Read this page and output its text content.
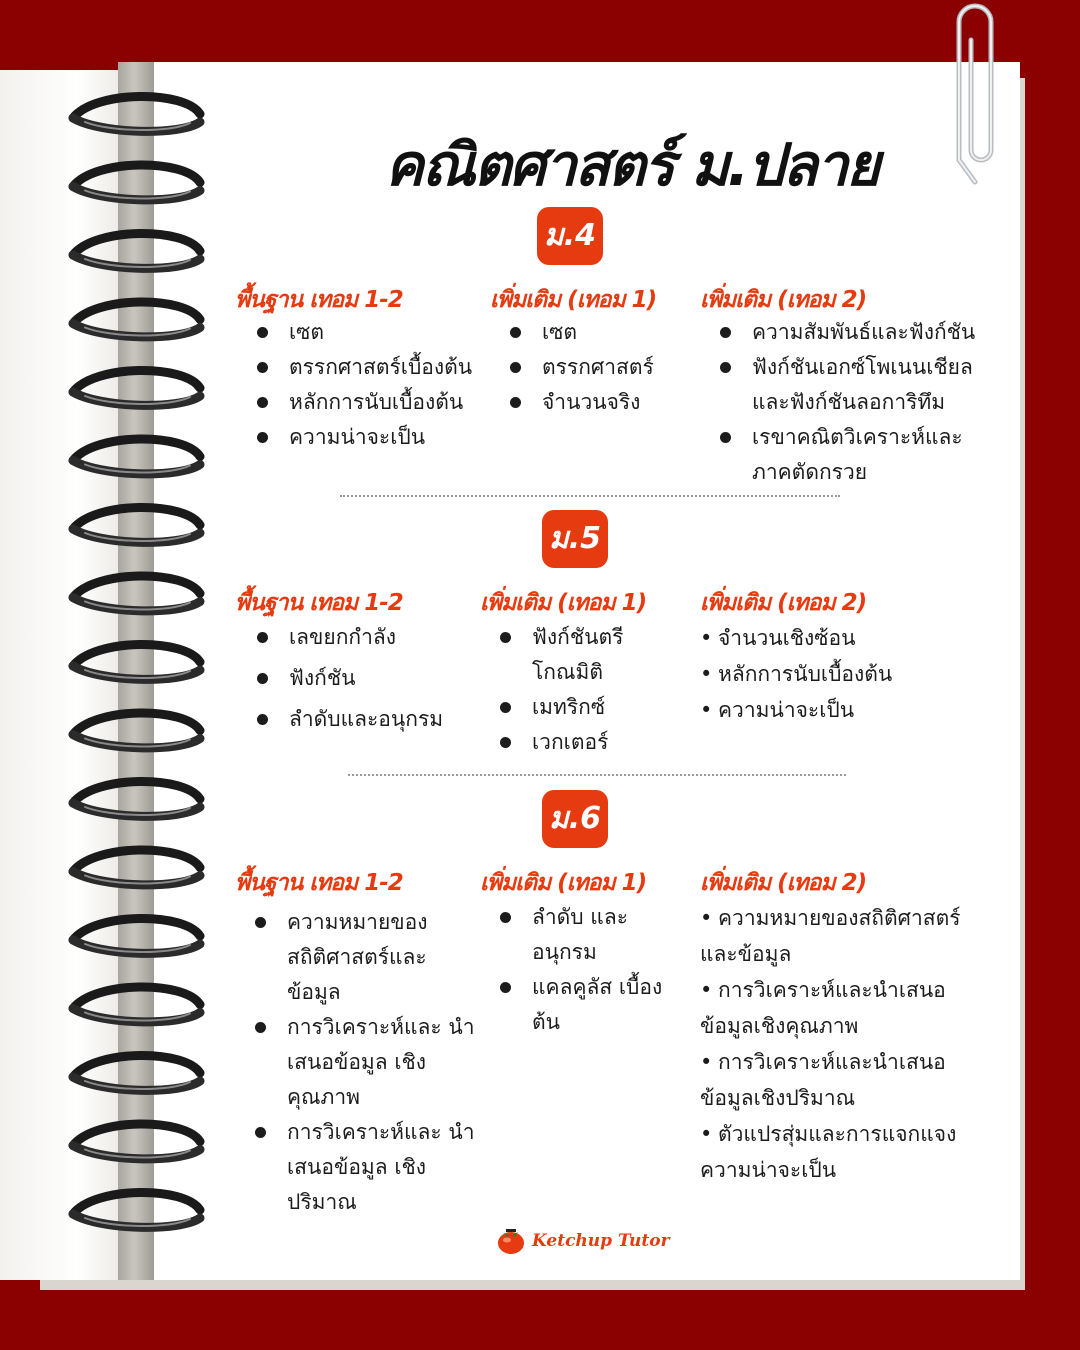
คณิตศาสตร์ ม.ปลาย
ม.4
พื้นฐาน เทอม 1-2
เซต
ตรรกศาสตร์เบื้องต้น
หลักการนับเบื้องต้น
ความน่าจะเป็น
เพิ่มเติม (เทอม 1)
เซต
ตรรกศาสตร์
จำนวนจริง
เพิ่มเติม (เทอม 2)
ความสัมพันธ์และฟังก์ชัน
ฟังก์ชันเอกซ์โพเนนเชียล และฟังก์ชันลอการิทึม
เรขาคณิตวิเคราะห์และ ภาคตัดกรวย
ม.5
พื้นฐาน เทอม 1-2
เลขยกกำลัง
ฟังก์ชัน
ลำดับและอนุกรม
เพิ่มเติม (เทอม 1)
ฟังก์ชันตรี โกณมิติ
เมทริกซ์
เวกเตอร์
เพิ่มเติม (เทอม 2)
• จำนวนเชิงซ้อน
• หลักการนับเบื้องต้น
• ความน่าจะเป็น
ม.6
พื้นฐาน เทอม 1-2
ความหมายของ สถิติศาสตร์และข้อมูล
การวิเคราะห์และ นำเสนอข้อมูล เชิงคุณภาพ
การวิเคราะห์และ นำเสนอข้อมูล เชิงปริมาณ
เพิ่มเติม (เทอม 1)
ลำดับ และอนุกรม
แคลคูลัส เบื้องต้น
เพิ่มเติม (เทอม 2)
• ความหมายของสถิติศาสตร์ และข้อมูล
• การวิเคราะห์และนำเสนอ ข้อมูลเชิงคุณภาพ
• การวิเคราะห์และนำเสนอ ข้อมูลเชิงปริมาณ
• ตัวแปรสุ่มและการแจกแจง ความน่าจะเป็น
Ketchup Tutor
